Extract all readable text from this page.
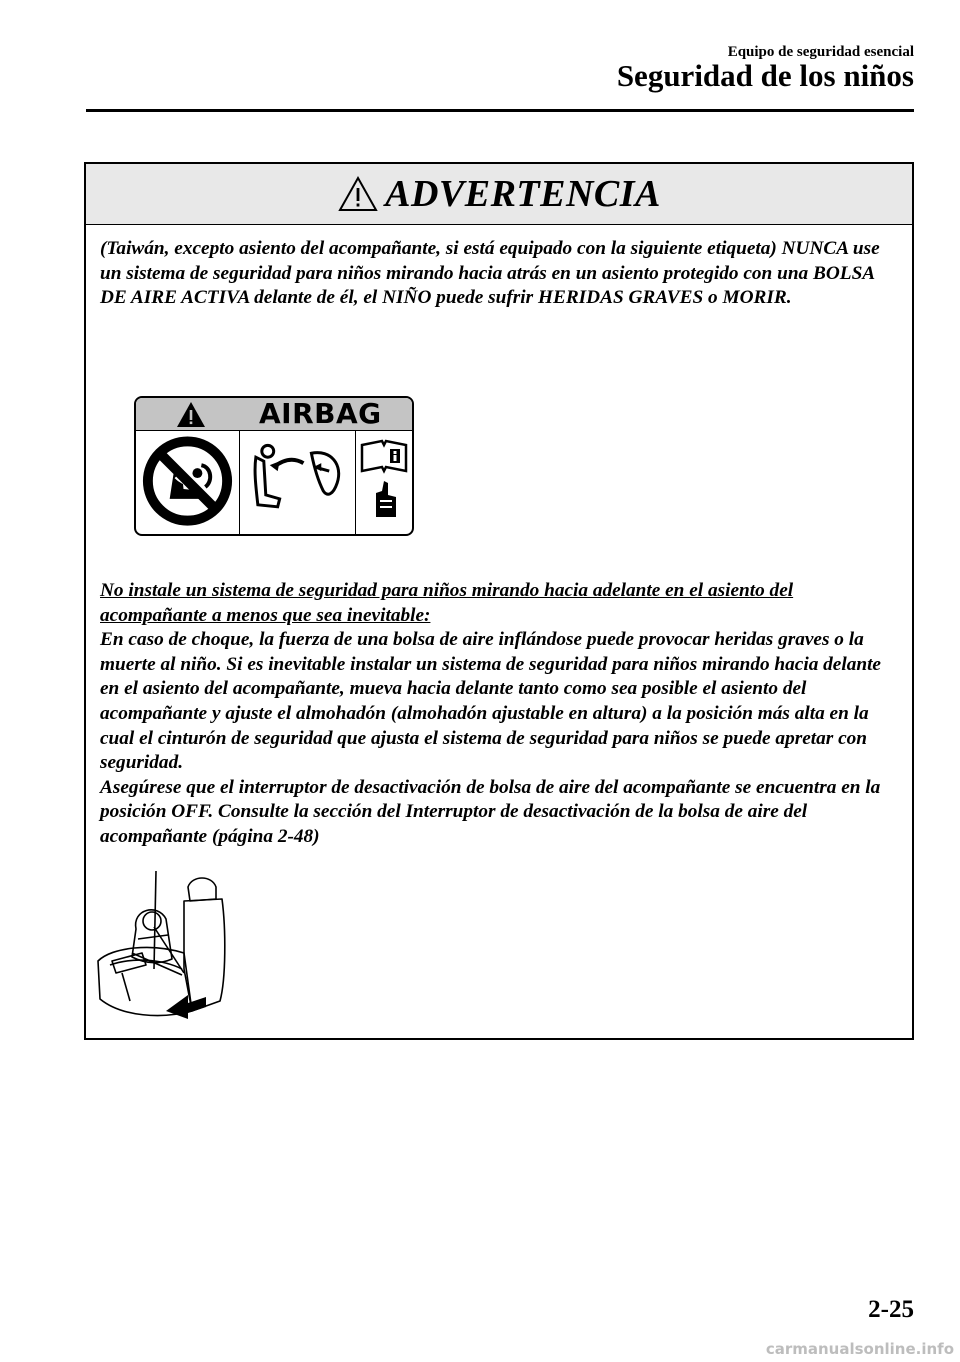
Equipo de seguridad esencial
Seguridad de los niños
ADVERTENCIA
(Taiwán, excepto asiento del acompañante, si está equipado con la siguiente etiqueta) NUNCA use un sistema de seguridad para niños mirando hacia atrás en un asiento protegido con una BOLSA DE AIRE ACTIVA delante de él, el NIÑO puede sufrir HERIDAS GRAVES o MORIR.
AIRBAG
No instale un sistema de seguridad para niños mirando hacia adelante en el asiento del acompañante a menos que sea inevitable:
En caso de choque, la fuerza de una bolsa de aire inflándose puede provocar heridas graves o la muerte al niño. Si es inevitable instalar un sistema de seguridad para niños mirando hacia delante en el asiento del acompañante, mueva hacia delante tanto como sea posible el asiento del acompañante y ajuste el almohadón (almohadón ajustable en altura) a la posición más alta en la cual el cinturón de seguridad que ajusta el sistema de seguridad para niños se puede apretar con seguridad.
Asegúrese que el interruptor de desactivación de bolsa de aire del acompañante se encuentra en la posición OFF. Consulte la sección del Interruptor de desactivación de la bolsa de aire del acompañante (página 2-48)
2-25
carmanualsonline.info
